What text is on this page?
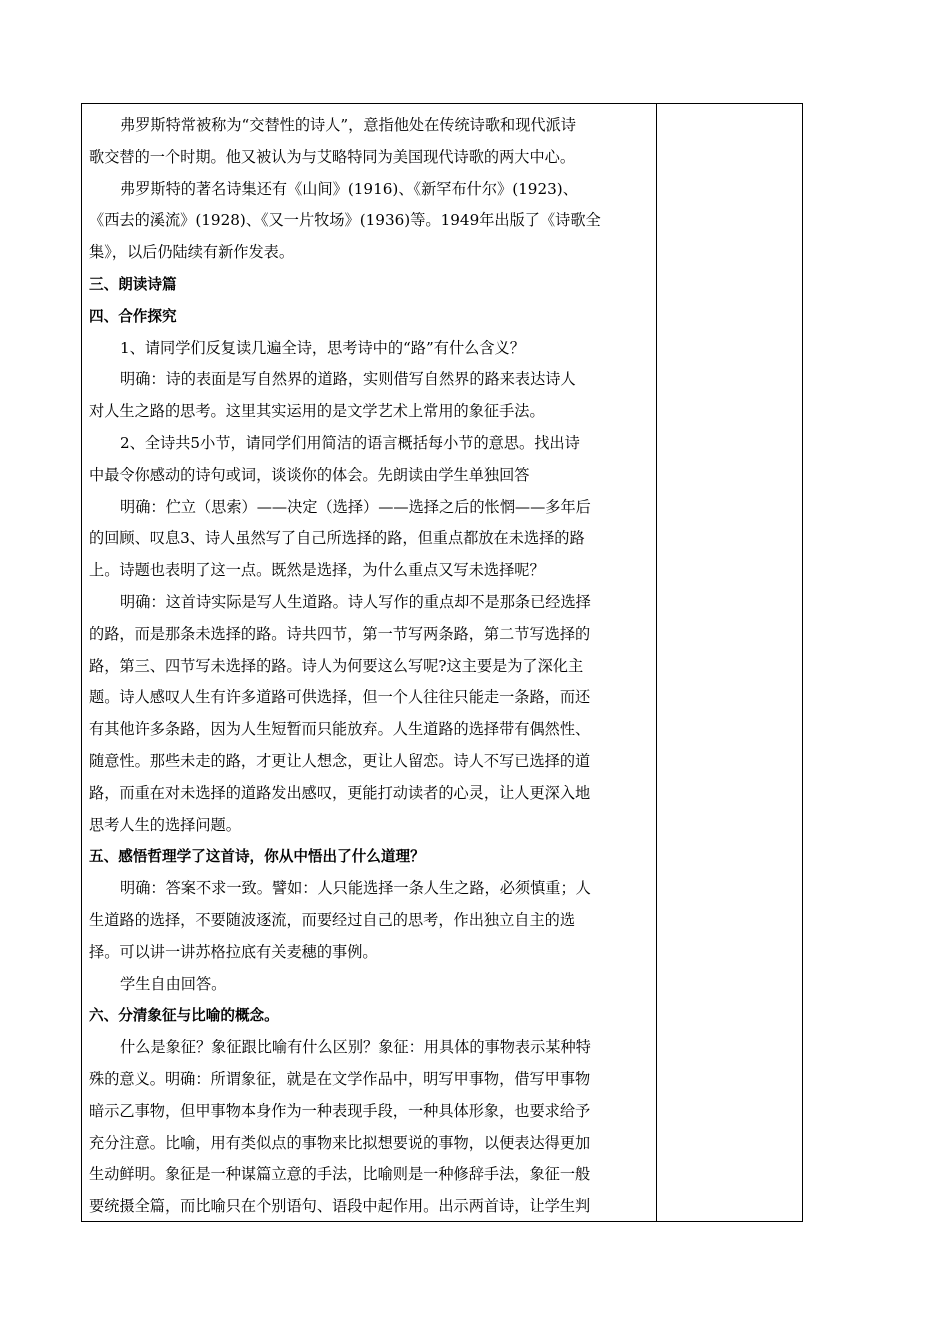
弗罗斯特常被称为“交替性的诗人”，意指他处在传统诗歌和现代派诗
歌交替的一个时期。他又被认为与艾略特同为美国现代诗歌的两大中心。
弗罗斯特的著名诗集还有《山间》(1916)、《新罕布什尔》(1923)、
《西去的溪流》(1928)、《又一片牧场》(1936)等。1949年出版了《诗歌全
集》，以后仍陆续有新作发表。
三、朗读诗篇
四、合作探究
1、请同学们反复读几遍全诗，思考诗中的“路”有什么含义？
明确：诗的表面是写自然界的道路，实则借写自然界的路来表达诗人
对人生之路的思考。这里其实运用的是文学艺术上常用的象征手法。
2、全诗共5小节，请同学们用简洁的语言概括每小节的意思。找出诗
中最令你感动的诗句或词，谈谈你的体会。先朗读由学生单独回答
明确：伫立（思索）——决定（选择）——选择之后的怅惘——多年后
的回顾、叹息3、诗人虽然写了自己所选择的路，但重点都放在未选择的路
上。诗题也表明了这一点。既然是选择，为什么重点又写未选择呢？
明确：这首诗实际是写人生道路。诗人写作的重点却不是那条已经选择
的路，而是那条未选择的路。诗共四节，第一节写两条路，第二节写选择的
路，第三、四节写未选择的路。诗人为何要这么写呢?这主要是为了深化主
题。诗人感叹人生有许多道路可供选择，但一个人往往只能走一条路，而还
有其他许多条路，因为人生短暂而只能放弃。人生道路的选择带有偶然性、
随意性。那些未走的路，才更让人想念，更让人留恋。诗人不写已选择的道
路，而重在对未选择的道路发出感叹，更能打动读者的心灵，让人更深入地
思考人生的选择问题。
五、感悟哲理学了这首诗，你从中悟出了什么道理？
明确：答案不求一致。譬如：人只能选择一条人生之路，必须慎重；人
生道路的选择，不要随波逐流，而要经过自己的思考，作出独立自主的选
择。可以讲一讲苏格拉底有关麦穗的事例。
学生自由回答。
六、分清象征与比喻的概念。
什么是象征？象征跟比喻有什么区别？象征：用具体的事物表示某种特
殊的意义。明确：所谓象征，就是在文学作品中，明写甲事物，借写甲事物
暗示乙事物，但甲事物本身作为一种表现手段，一种具体形象，也要求给予
充分注意。比喻，用有类似点的事物来比拟想要说的事物，以便表达得更加
生动鲜明。象征是一种谋篇立意的手法，比喻则是一种修辞手法，象征一般
要统摄全篇，而比喻只在个别语句、语段中起作用。出示两首诗，让学生判
